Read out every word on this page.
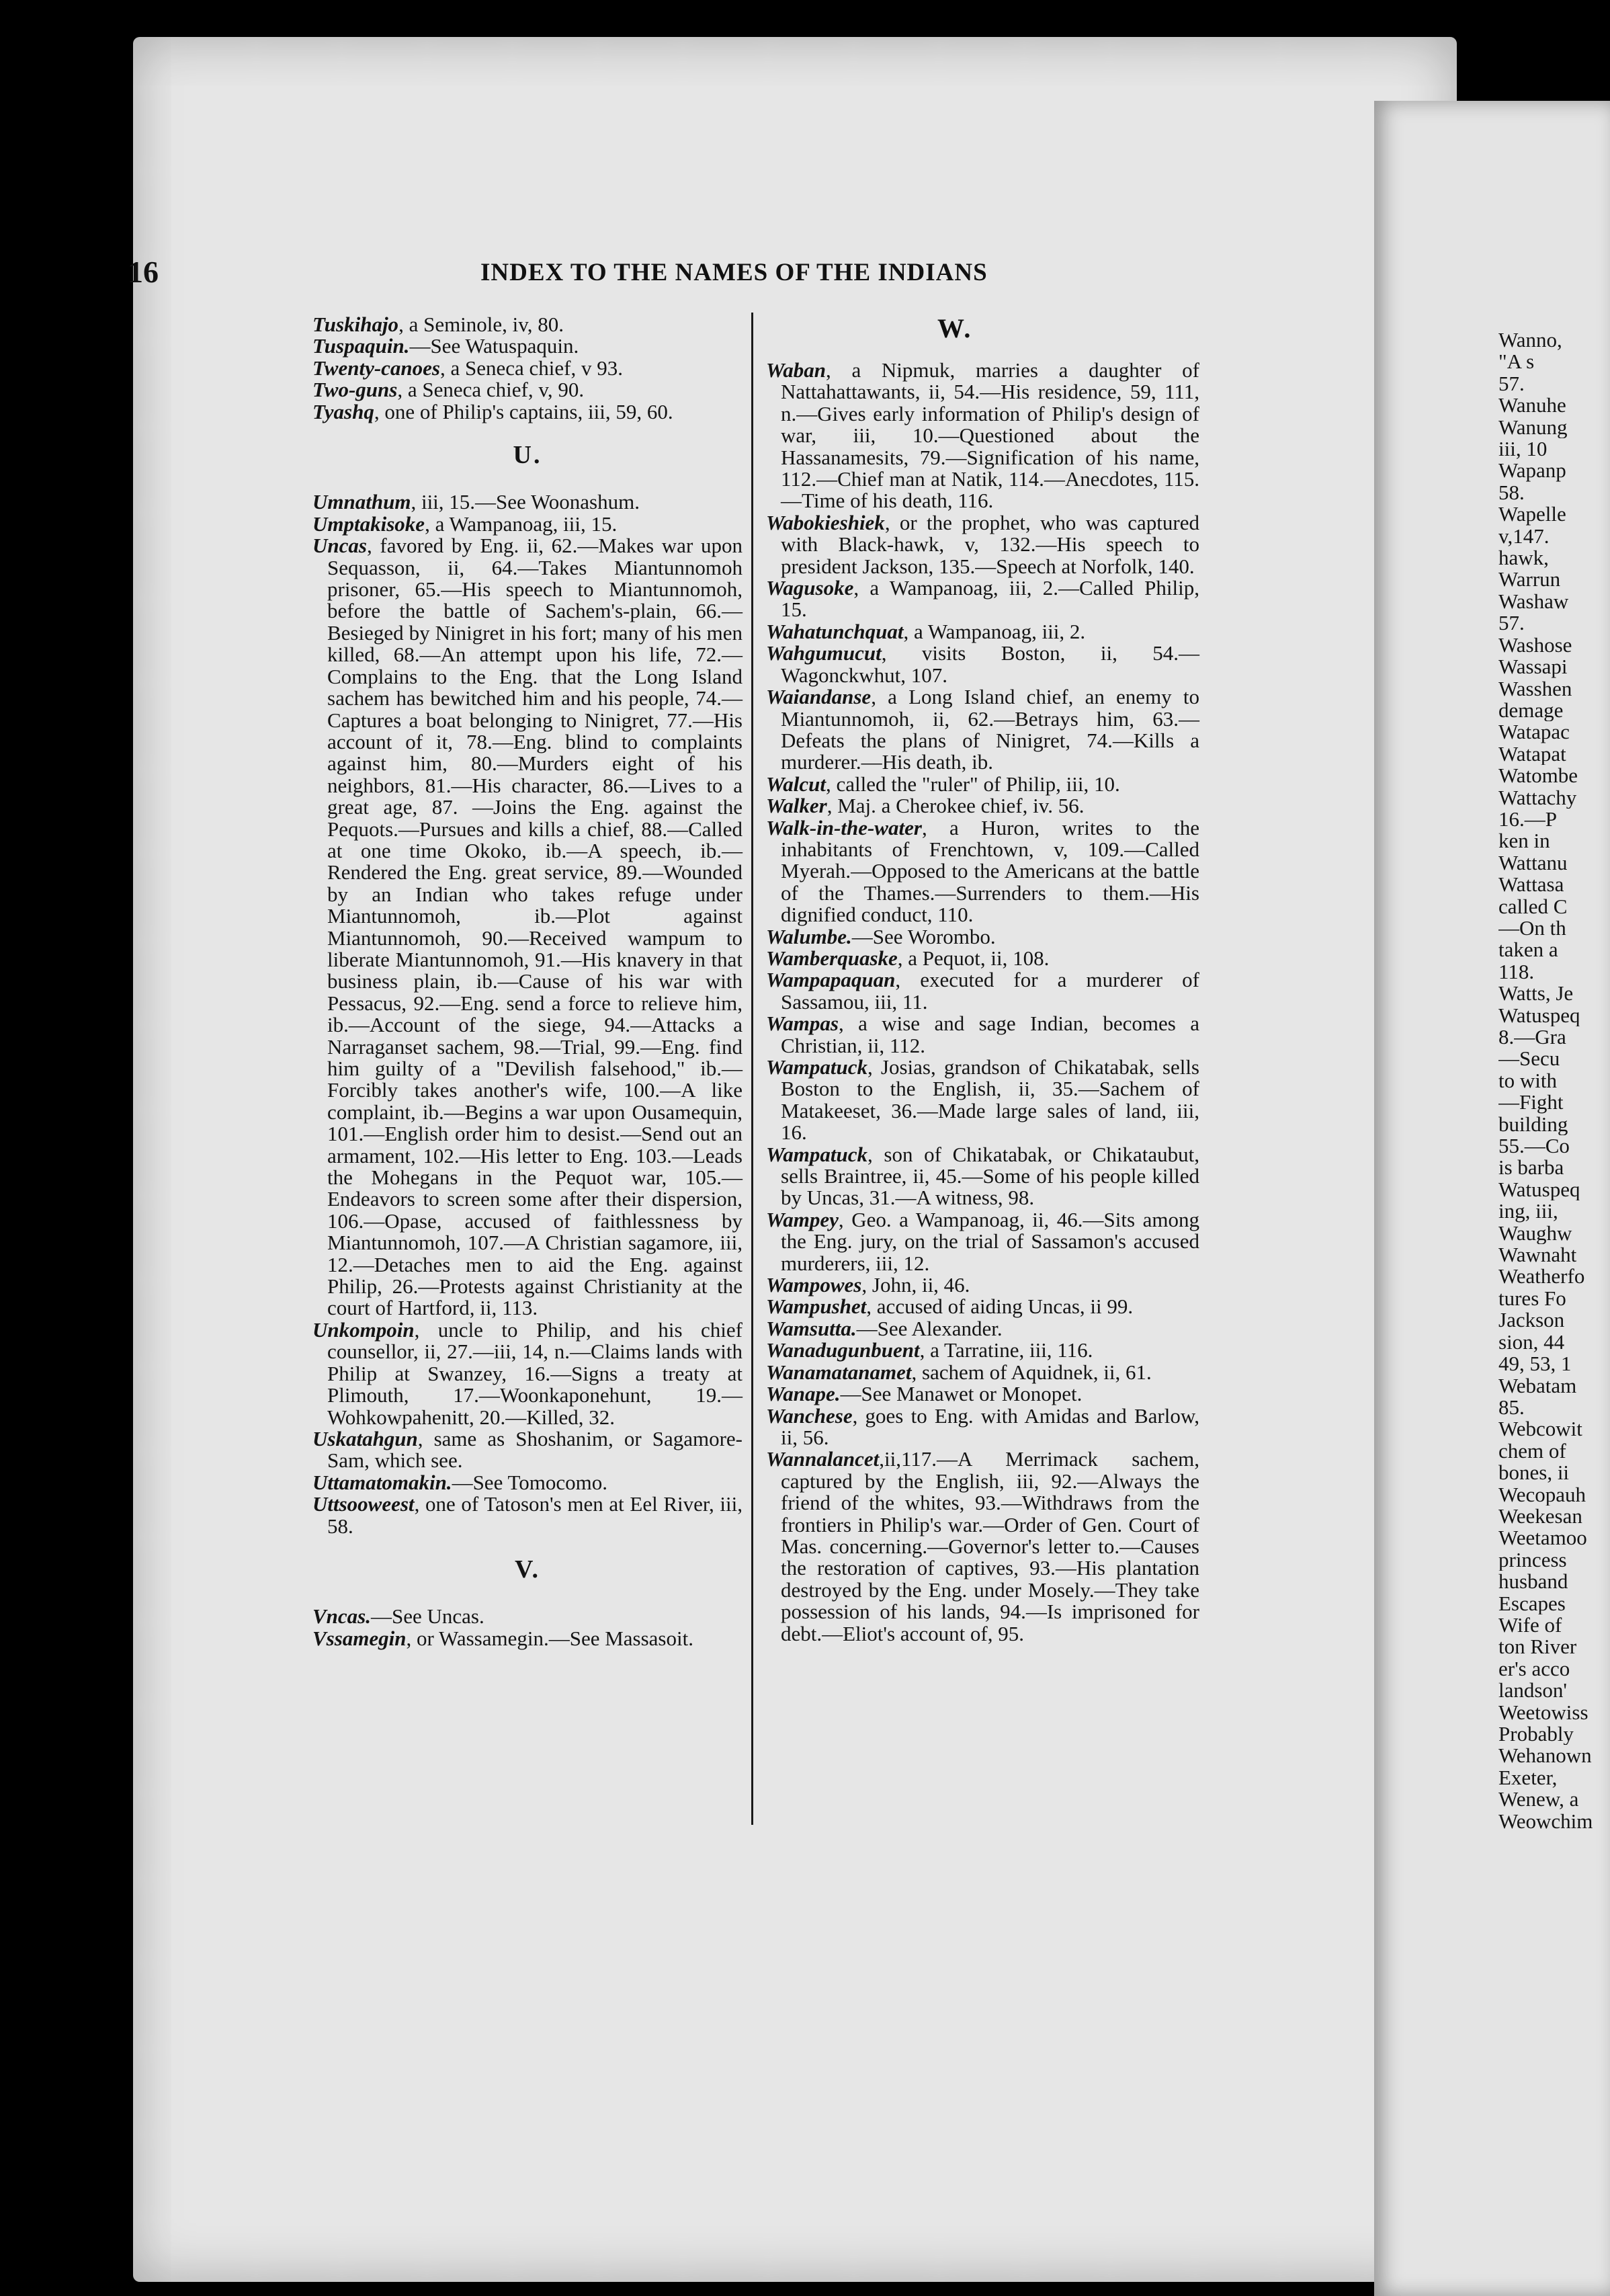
16	INDEX TO THE NAMES OF THE INDIANS
W.

Tuskihajo, a Seminole, iv, 80.

Tuspaquin.—See Watuspaquin.

Twenty-canoes, a Seneca chief, v 93.

Two-guns, a Seneca chief, v, 90.

Tyashq, one of Philip's captains, iii, 59, 60.

U.

Umnathum, iii, 15.—See Woonashum.

Umptakisoke, a Wampanoag, iii, 15.

Uncas, favored by Eng. ii, 62.—Makes war upon Sequasson, ii, 64.—Takes Miantunnomoh prisoner, 65.—His speech to Miantunnomoh, before the battle of Sachem's-plain, 66.—Besieged by Ninigret in his fort; many of his men killed, 68.—An attempt upon his life, 72.—Complains to the Eng. that the Long Island sachem has bewitched him and his people, 74.—Captures a boat belonging to Ninigret, 77.—His account of it, 78.—Eng. blind to complaints against him, 80.—Murders eight of his neighbors, 81.—His character, 86.—Lives to a great age, 87. —Joins the Eng. against the Pequots.—Pursues and kills a chief, 88.—Called at one time Okoko, ib.—A speech, ib.—Rendered the Eng. great service, 89.—Wounded by an Indian who takes refuge under Miantunnomoh, ib.—Plot against Miantunnomoh, 90.—Received wampum to liberate Miantunnomoh, 91.—His knavery in that business plain, ib.—Cause of his war with Pessacus, 92.—Eng. send a force to relieve him, ib.—Account of the siege, 94.—Attacks a Narraganset sachem, 98.—Trial, 99.—Eng. find him guilty of a "Devilish falsehood," ib.—Forcibly takes another's wife, 100.—A like complaint, ib.—Begins a war upon Ousamequin, 101.—English order him to desist.—Send out an armament, 102.—His letter to Eng. 103.—Leads the Mohegans in the Pequot war, 105.—Endeavors to screen some after their dispersion, 106.—Opase, accused of faithlessness by Miantunnomoh, 107.—A Christian sagamore, iii, 12.—Detaches men to aid the Eng. against Philip, 26.—Protests against Christianity at the court of Hartford, ii, 113.

Unkompoin, uncle to Philip, and his chief counsellor, ii, 27.—iii, 14, n.—Claims lands with Philip at Swanzey, 16.—Signs a treaty at Plimouth, 17.—Woonkaponehunt, 19.—Wohkowpahenitt, 20.—Killed, 32.

Uskatahgun, same as Shoshanim, or Sagamore-Sam, which see.

Uttamatomakin.—See Tomocomo.

Uttsooweest, one of Tatoson's men at Eel River, iii, 58.

V.

Vncas.—See Uncas.

Vssamegin, or Wassamegin.—See Massasoit.

Waban, a Nipmuk, marries a daughter of Nattahattawants, ii, 54.—His residence, 59, 111, n.—Gives early information of Philip's design of war, iii, 10.—Questioned about the Hassanamesits, 79.—Signification of his name, 112.—Chief man at Natik, 114.—Anecdotes, 115.—Time of his death, 116.

Wabokieshiek, or the prophet, who was captured with Black-hawk, v, 132.—His speech to president Jackson, 135.—Speech at Norfolk, 140.

Wagusoke, a Wampanoag, iii, 2.—Called Philip, 15.

Wahatunchquat, a Wampanoag, iii, 2.

Wahgumucut, visits Boston, ii, 54.—Wagonckwhut, 107.

Waiandanse, a Long Island chief, an enemy to Miantunnomoh, ii, 62.—Betrays him, 63.—Defeats the plans of Ninigret, 74.—Kills a murderer.—His death, ib.

Walcut, called the "ruler" of Philip, iii, 10.

Walker, Maj. a Cherokee chief, iv. 56.

Walk-in-the-water, a Huron, writes to the inhabitants of Frenchtown, v, 109.—Called Myerah.—Opposed to the Americans at the battle of the Thames.—Surrenders to them.—His dignified conduct, 110.

Walumbe.—See Worombo.

Wamberquaske, a Pequot, ii, 108.

Wampapaquan, executed for a murderer of Sassamou, iii, 11.

Wampas, a wise and sage Indian, becomes a Christian, ii, 112.

Wampatuck, Josias, grandson of Chikatabak, sells Boston to the English, ii, 35.—Sachem of Matakeeset, 36.—Made large sales of land, iii, 16.

Wampatuck, son of Chikatabak, or Chikataubut, sells Braintree, ii, 45.—Some of his people killed by Uncas, 31.—A witness, 98.

Wampey, Geo. a Wampanoag, ii, 46.—Sits among the Eng. jury, on the trial of Sassamon's accused murderers, iii, 12.

Wampowes, John, ii, 46.

Wampushet, accused of aiding Uncas, ii 99.

Wamsutta.—See Alexander.

Wanadugunbuent, a Tarratine, iii, 116.

Wanamatanamet, sachem of Aquidnek, ii, 61.

Wanape.—See Manawet or Monopet.

Wanchese, goes to Eng. with Amidas and Barlow, ii, 56.

Wannalancet,ii,117.—A Merrimack sachem, captured by the English, iii, 92.—Always the friend of the whites, 93.—Withdraws from the frontiers in Philip's war.—Order of Gen. Court of Mas. concerning.—Governor's letter to.—Causes the restoration of captives, 93.—His plantation destroyed by the Eng. under Mosely.—They take possession of his lands, 94.—Is imprisoned for debt.—Eliot's account of, 95.

Wanno,
"A s
57.
Wanuhe
Wanung
iii, 10
Wapanp
58.
Wapelle
v,147.
hawk,
Warrun
Washaw
57.
Washose
Wassapi
Wasshen
demage
Watapac
Watapat
Watombe
Wattachy
16.—P
ken in
Wattanu
Wattasa
called C
—On th
taken a
118.
Watts, Je
Watuspeq
8.—Gra
—Secu
to with
—Fight
building
55.—Co
is barba
Watuspeq
ing, iii,
Waughw
Wawnaht
Weatherfo
tures Fo
Jackson
sion, 44
49, 53, 1
Webatam
85.
Webcowit
chem of
bones, ii
Wecopauh
Weekesan
Weetamoo
princess
husband
Escapes
Wife of
ton River
er's acco
landson'
Weetowiss
Probably
Wehanown
Exeter,
Wenew, a
Weowchim
